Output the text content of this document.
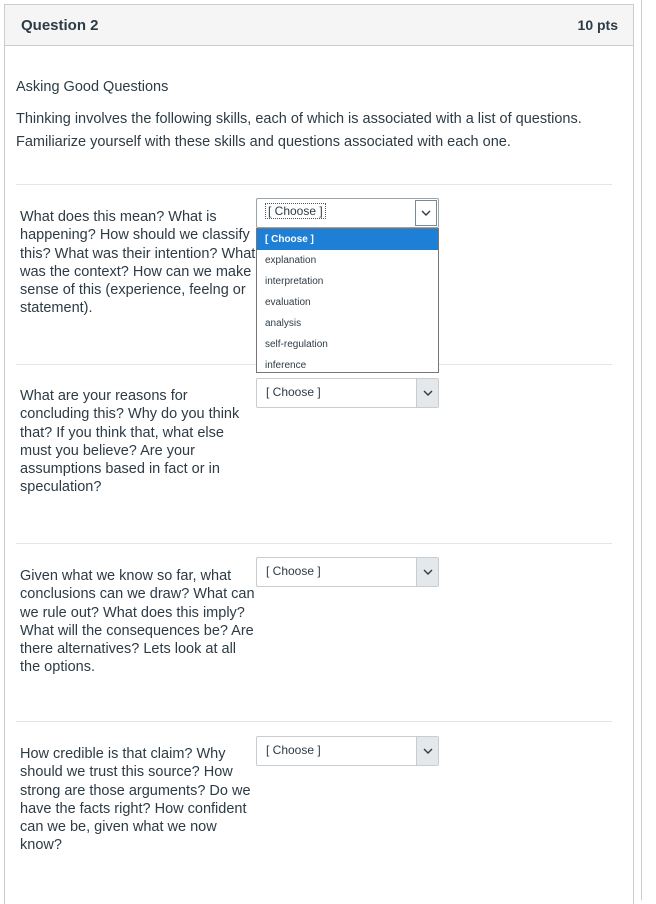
Question 2	10 pts
Asking Good Questions
Thinking involves the following skills, each of which is associated with a list of questions. Familiarize yourself with these skills and questions associated with each one.
What does this mean? What is happening? How should we classify this? What was their intention? What was the context? How can we make sense of this (experience, feelng or statement).
[ Choose ]
[ Choose ]
explanation
interpretation
evaluation
analysis
self-regulation
inference
What are your reasons for concluding this? Why do you think that? If you think that, what else must you believe? Are your assumptions based in fact or in speculation?
[ Choose ]
Given what we know so far, what conclusions can we draw? What can we rule out? What does this imply? What will the consequences be? Are there alternatives? Lets look at all the options.
[ Choose ]
How credible is that claim? Why should we trust this source? How strong are those arguments? Do we have the facts right? How confident can we be, given what we now know?
[ Choose ]
